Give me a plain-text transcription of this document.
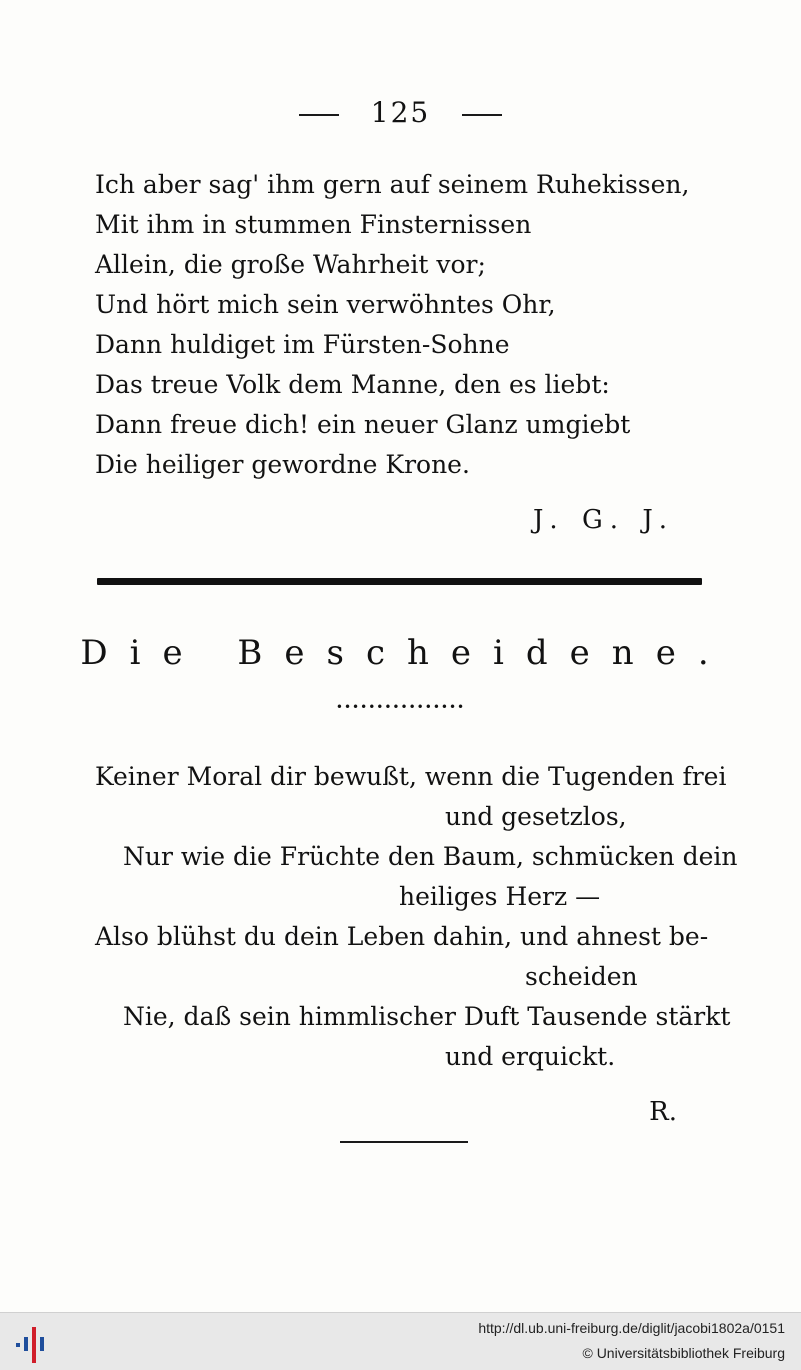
125
Ich aber sag' ihm gern auf seinem Ruhekissen,
Mit ihm in stummen Finsternissen
Allein, die große Wahrheit vor;
Und hört mich sein verwöhntes Ohr,
Dann huldiget im Fürsten-Sohne
Das treue Volk dem Manne, den es liebt:
Dann freue dich! ein neuer Glanz umgiebt
Die heiliger gewordne Krone.
J. G. J.
Die Bescheidene.
••••••••••••••••
Keiner Moral dir bewußt, wenn die Tugenden frei
und gesetzlos,
Nur wie die Früchte den Baum, schmücken dein
heiliges Herz —
Also blühst du dein Leben dahin, und ahnest be-
scheiden
Nie, daß sein himmlischer Duft Tausende stärkt
und erquickt.
R.
http://dl.ub.uni-freiburg.de/diglit/jacobi1802a/0151
© Universitätsbibliothek Freiburg
